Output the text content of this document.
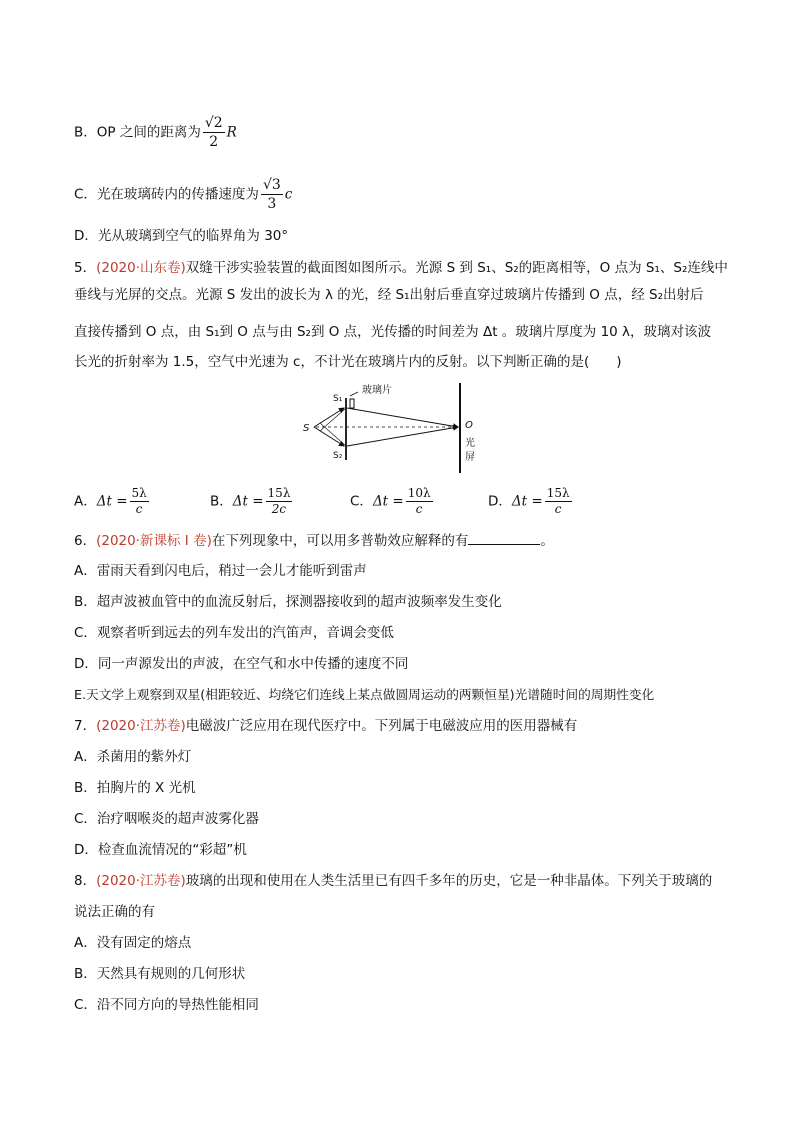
B．OP 之间的距离为 √ $\frac{2}{2}$ R
C．光在玻璃砖内的传播速度为 √ $\frac{3}{3}$ c
D．光从玻璃到空气的临界角为 30°
5．(2020·山东卷)双缝干涉实验装置的截面图如图所示。光源 S 到 S₁、S₂的距离相等，O 点为 S₁、S₂连线中
垂线与光屏的交点。光源 S 发出的波长为 λ 的光，经 S₁出射后垂直穿过玻璃片传播到 O 点，经 S₂出射后
直接传播到 O 点，由 S₁到 O 点与由 S₂到 O 点，光传播的时间差为 Δt 。玻璃片厚度为 10 λ，玻璃对该波
长光的折射率为 1.5，空气中光速为 c，不计光在玻璃片内的反射。以下判断正确的是(　　)
玻璃片
S
S₁
S₂
O
光
屏
A．$\Delta t = \frac{5\lambda}{c}$	B．$\Delta t = \frac{15\lambda}{2c}$	C．$\Delta t = \frac{10\lambda}{c}$	D．$\Delta t = \frac{15\lambda}{c}$
6．(2020·新课标 I 卷)在下列现象中，可以用多普勒效应解释的有	。
A．雷雨天看到闪电后，稍过一会儿才能听到雷声
B．超声波被血管中的血流反射后，探测器接收到的超声波频率发生变化
C．观察者听到远去的列车发出的汽笛声，音调会变低
D．同一声源发出的声波，在空气和水中传播的速度不同
E.天文学上观察到双星(相距较近、均绕它们连线上某点做圆周运动的两颗恒星)光谱随时间的周期性变化
7．(2020·江苏卷)电磁波广泛应用在现代医疗中。下列属于电磁波应用的医用器械有
A．杀菌用的紫外灯
B．拍胸片的 X 光机
C．治疗咽喉炎的超声波雾化器
D．检查血流情况的“彩超”机
8．(2020·江苏卷)玻璃的出现和使用在人类生活里已有四千多年的历史，它是一种非晶体。下列关于玻璃的
说法正确的有
A．没有固定的熔点
B．天然具有规则的几何形状
C．沿不同方向的导热性能相同
